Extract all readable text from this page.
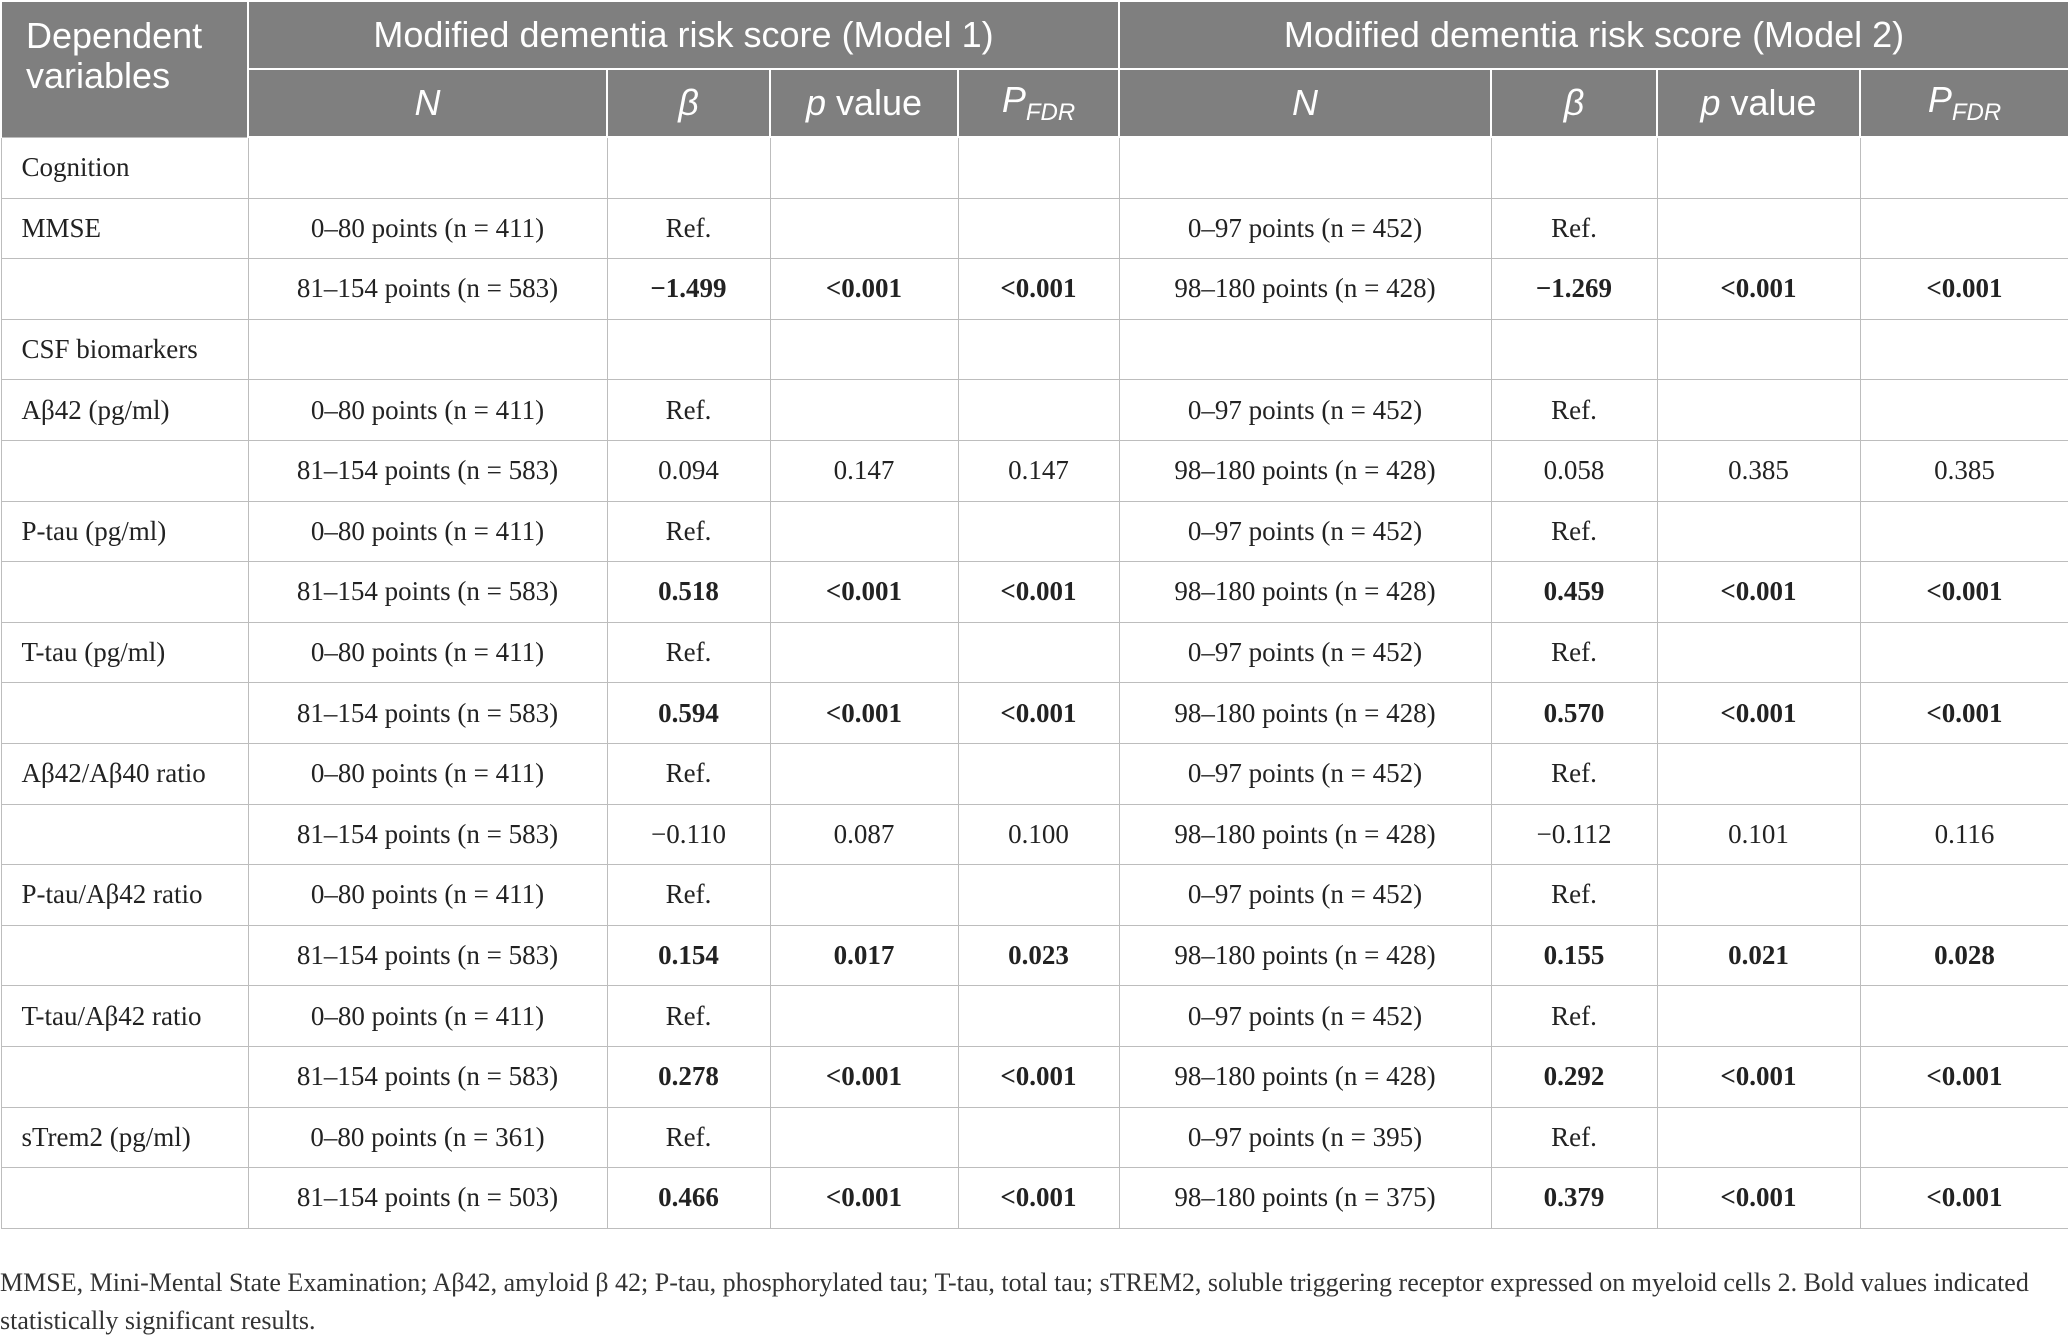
Dependent variables	Modified dementia risk score (Model 1)				Modified dementia risk score (Model 2)			
	N	β	p value	$P_{FDR}$	N	β	p value	$P_{FDR}$
Cognition								
MMSE	0–80 points (n = 411)	Ref.			0–97 points (n = 452)	Ref.		
	81–154 points (n = 583)	−1.499	<0.001	<0.001	98–180 points (n = 428)	−1.269	<0.001	<0.001
CSF biomarkers								
Aβ42 (pg/ml)	0–80 points (n = 411)	Ref.			0–97 points (n = 452)	Ref.		
	81–154 points (n = 583)	0.094	0.147	0.147	98–180 points (n = 428)	0.058	0.385	0.385
P-tau (pg/ml)	0–80 points (n = 411)	Ref.			0–97 points (n = 452)	Ref.		
	81–154 points (n = 583)	0.518	<0.001	<0.001	98–180 points (n = 428)	0.459	<0.001	<0.001
T-tau (pg/ml)	0–80 points (n = 411)	Ref.			0–97 points (n = 452)	Ref.		
	81–154 points (n = 583)	0.594	<0.001	<0.001	98–180 points (n = 428)	0.570	<0.001	<0.001
Aβ42/Aβ40 ratio	0–80 points (n = 411)	Ref.			0–97 points (n = 452)	Ref.		
	81–154 points (n = 583)	−0.110	0.087	0.100	98–180 points (n = 428)	−0.112	0.101	0.116
P-tau/Aβ42 ratio	0–80 points (n = 411)	Ref.			0–97 points (n = 452)	Ref.		
	81–154 points (n = 583)	0.154	0.017	0.023	98–180 points (n = 428)	0.155	0.021	0.028
T-tau/Aβ42 ratio	0–80 points (n = 411)	Ref.			0–97 points (n = 452)	Ref.		
	81–154 points (n = 583)	0.278	<0.001	<0.001	98–180 points (n = 428)	0.292	<0.001	<0.001
sTrem2 (pg/ml)	0–80 points (n = 361)	Ref.			0–97 points (n = 395)	Ref.		
	81–154 points (n = 503)	0.466	<0.001	<0.001	98–180 points (n = 375)	0.379	<0.001	<0.001
MMSE, Mini-Mental State Examination; Aβ42, amyloid β 42; P-tau, phosphorylated tau; T-tau, total tau; sTREM2, soluble triggering receptor expressed on myeloid cells 2. Bold values indicated statistically significant results.
